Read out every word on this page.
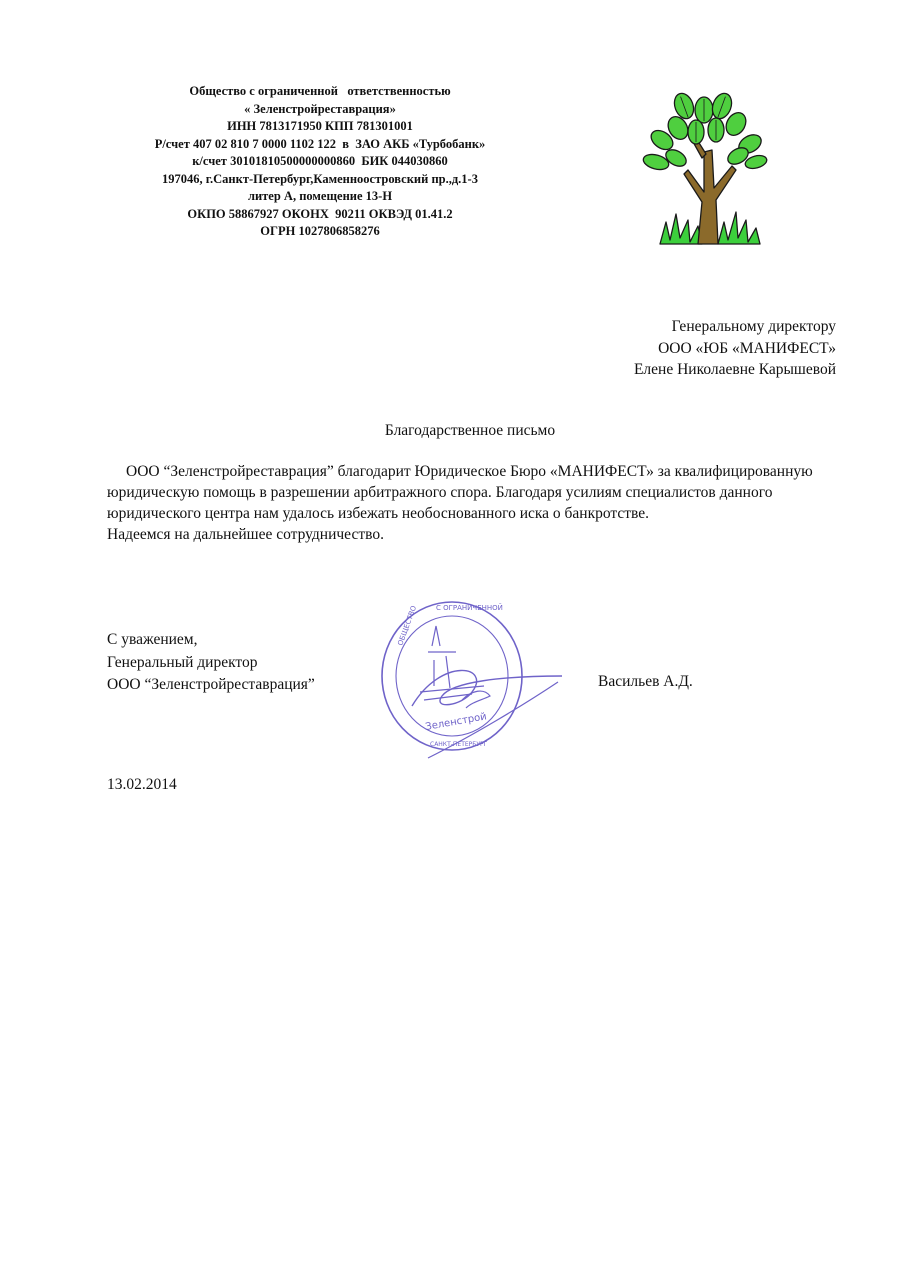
Общество с ограниченной   ответственностью
« Зеленстройреставрация»
ИНН 7813171950 КПП 781301001
Р/счет 407 02 810 7 0000 1102 122  в  ЗАО АКБ «Турбобанк»
к/счет 30101810500000000860  БИК 044030860
197046, г.Санкт-Петербург,Каменноостровский пр.,д.1-3
литер А, помещение 13-Н
ОКПО 58867927 ОКОНХ  90211 ОКВЭД 01.41.2
ОГРН 1027806858276
Генеральному директору
ООО «ЮБ «МАНИФЕСТ»
Елене Николаевне Карышевой
Благодарственное письмо

ООО “Зеленстройреставрация” благодарит Юридическое Бюро «МАНИФЕСТ» за квалифицированную юридическую помощь в разрешении арбитражного спора. Благодаря усилиям специалистов данного юридического центра нам удалось избежать необоснованного иска о банкротстве.

Надеемся на дальнейшее сотрудничество.

С ОГРАНИЧЕННОЙ
ОБЩЕСТВО
Зеленстрой
САНКТ-ПЕТЕРБУРГ
С уважением,
Генеральный директор
ООО “Зеленстройреставрация”	Васильев А.Д.
13.02.2014
